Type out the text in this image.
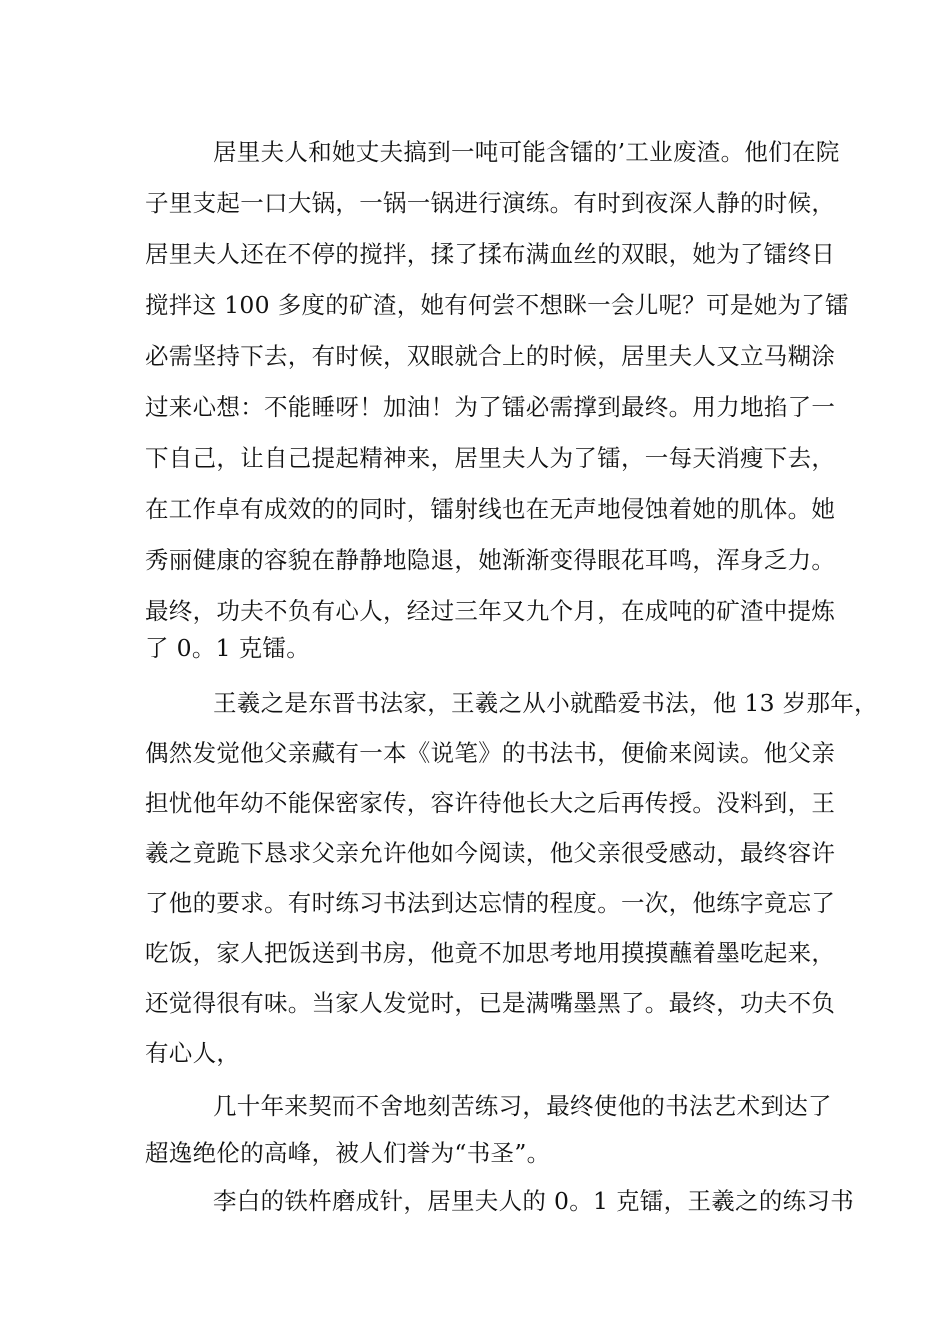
居里夫人和她丈夫搞到一吨可能含镭的’工业废渣。他们在院
子里支起一口大锅，一锅一锅进行演练。有时到夜深人静的时候，
居里夫人还在不停的搅拌，揉了揉布满血丝的双眼，她为了镭终日
搅拌这 100 多度的矿渣，她有何尝不想眯一会儿呢？可是她为了镭
必需坚持下去，有时候，双眼就合上的时候，居里夫人又立马糊涂
过来心想：不能睡呀！加油！为了镭必需撑到最终。用力地掐了一
下自己，让自己提起精神来，居里夫人为了镭，一每天消瘦下去，
在工作卓有成效的的同时，镭射线也在无声地侵蚀着她的肌体。她
秀丽健康的容貌在静静地隐退，她渐渐变得眼花耳鸣，浑身乏力。
最终，功夫不负有心人，经过三年又九个月，在成吨的矿渣中提炼
了 0。1 克镭。
王羲之是东晋书法家，王羲之从小就酷爱书法，他 13 岁那年，
偶然发觉他父亲藏有一本《说笔》的书法书，便偷来阅读。他父亲
担忧他年幼不能保密家传，容许待他长大之后再传授。没料到，王
羲之竟跪下恳求父亲允许他如今阅读，他父亲很受感动，最终容许
了他的要求。有时练习书法到达忘情的程度。一次，他练字竟忘了
吃饭，家人把饭送到书房，他竟不加思考地用摸摸蘸着墨吃起来，
还觉得很有味。当家人发觉时，已是满嘴墨黑了。最终，功夫不负
有心人，
几十年来契而不舍地刻苦练习，最终使他的书法艺术到达了
超逸绝伦的高峰，被人们誉为“书圣”。
李白的铁杵磨成针，居里夫人的 0。1 克镭，王羲之的练习书
